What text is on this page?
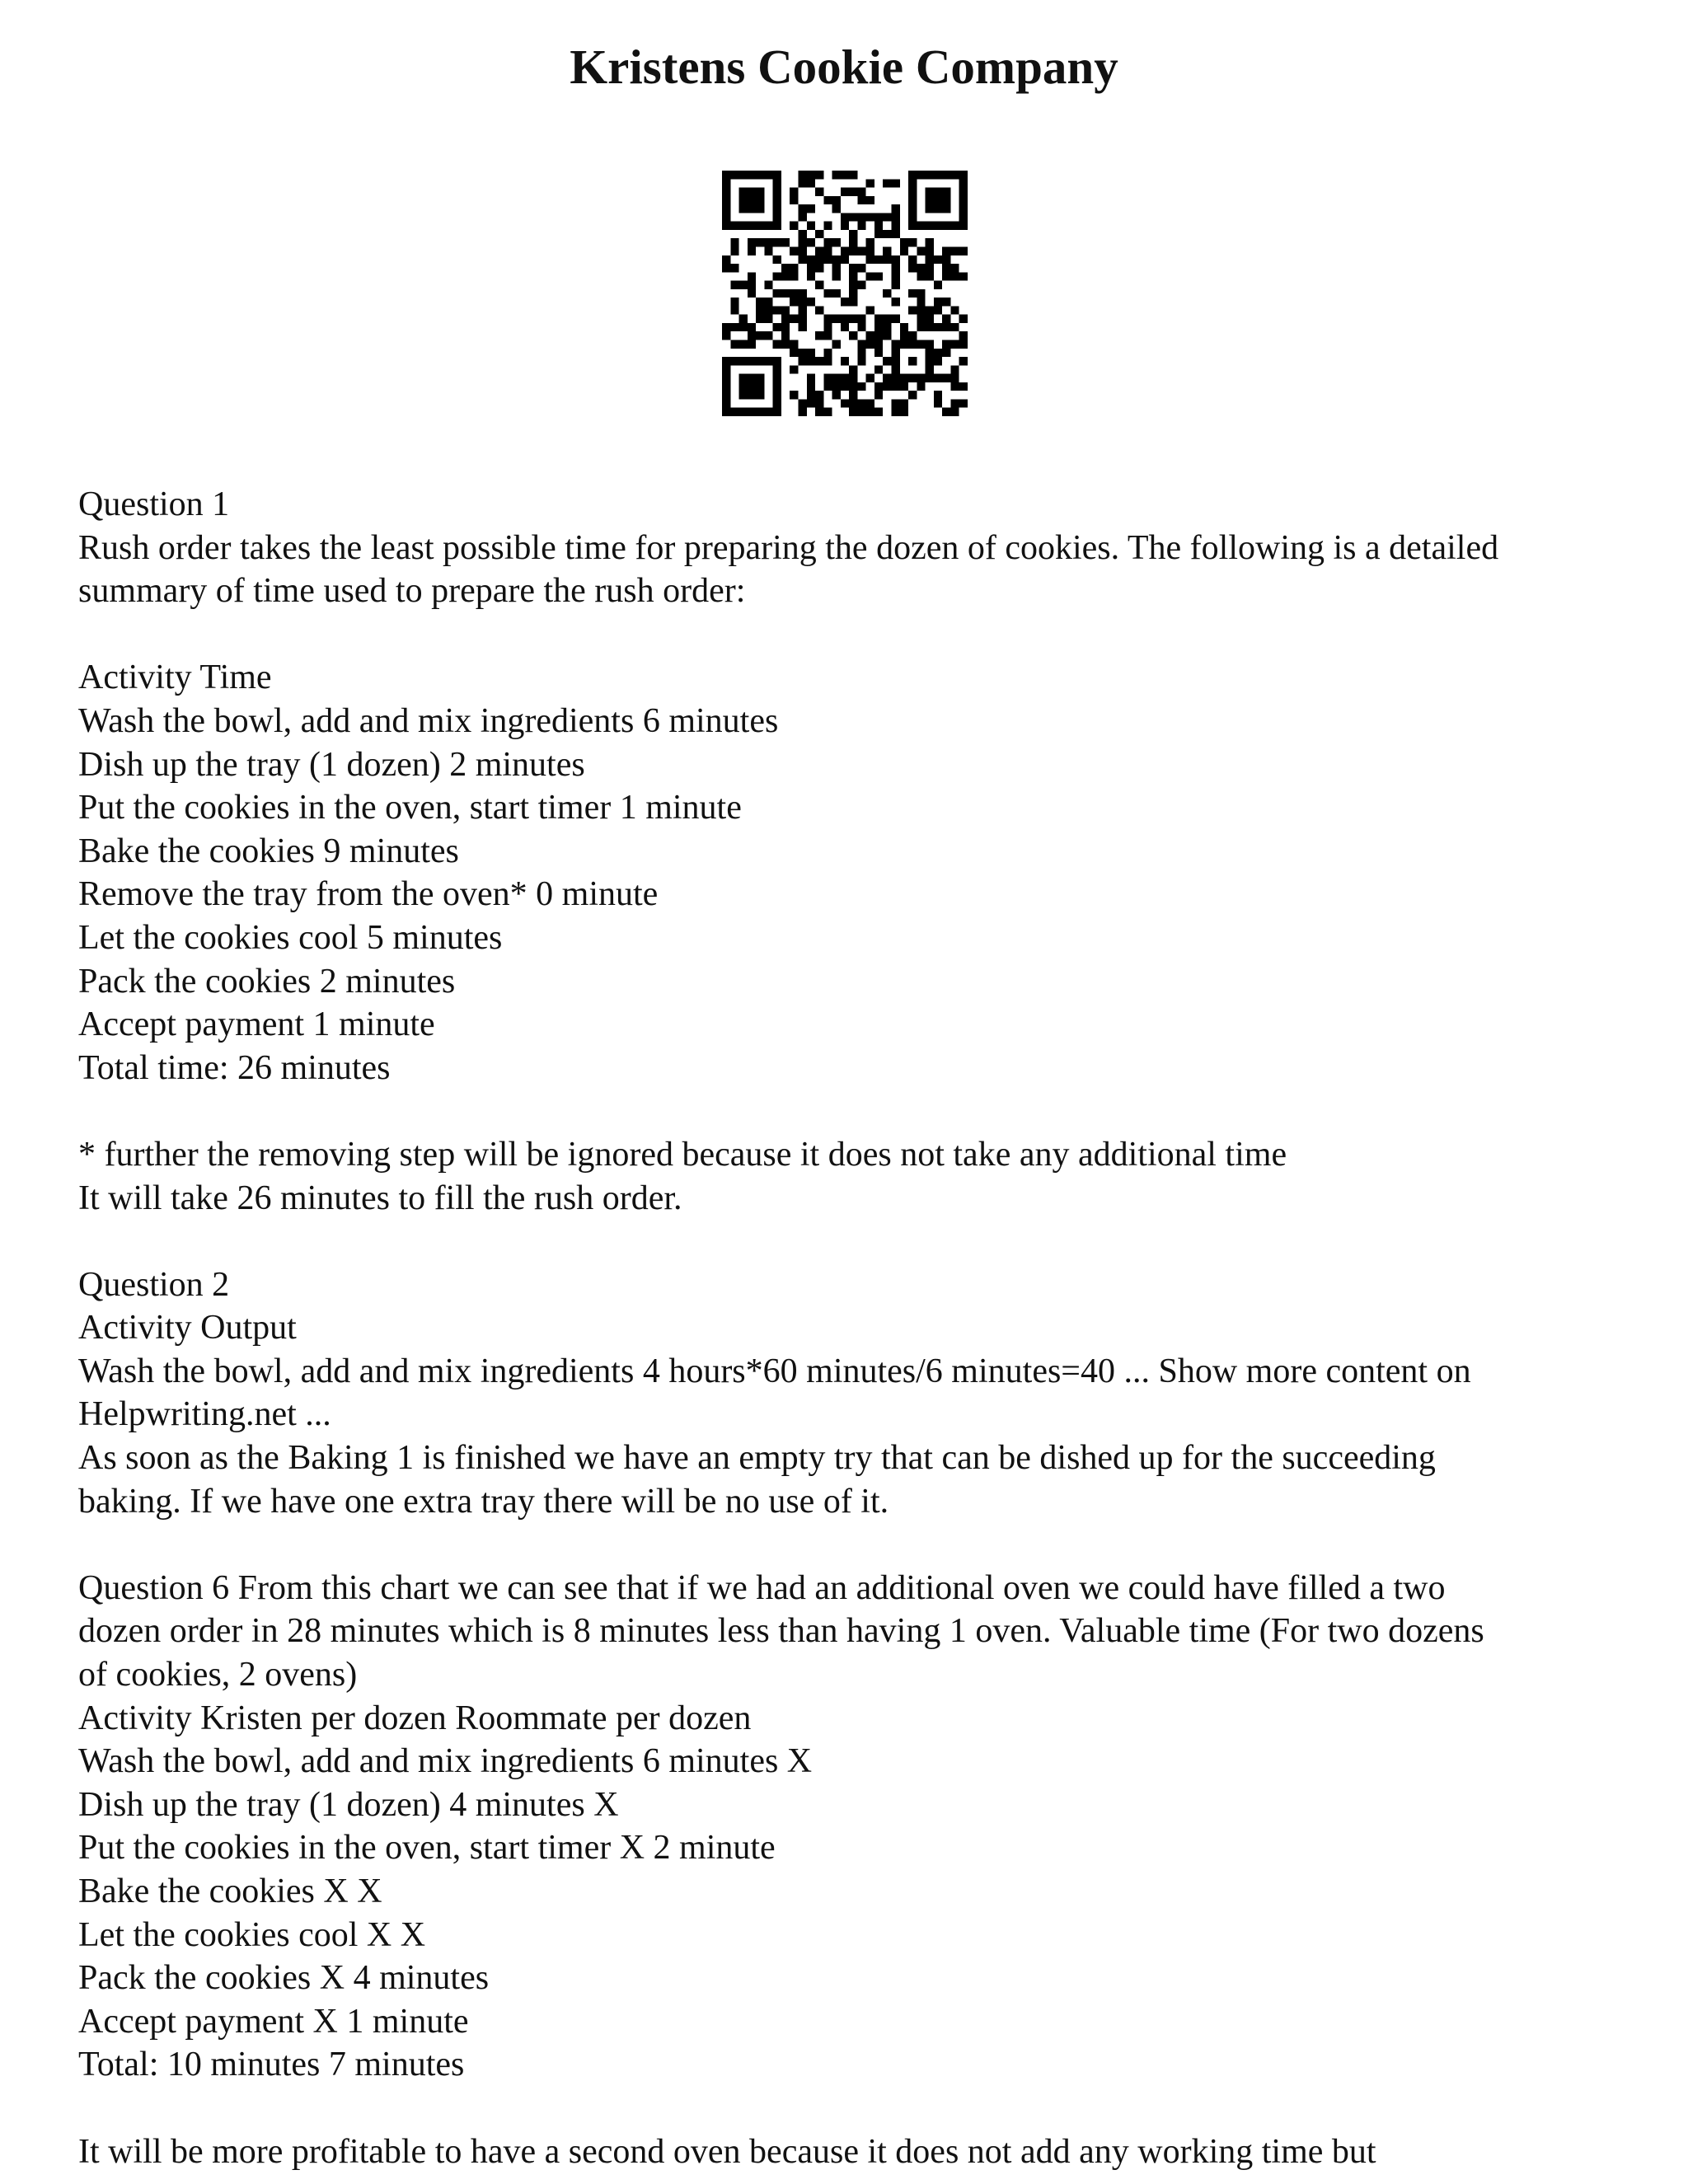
Kristens Cookie Company
Question 1
Rush order takes the least possible time for preparing the dozen of cookies. The following is a detailed
summary of time used to prepare the rush order:
Activity Time
Wash the bowl, add and mix ingredients 6 minutes
Dish up the tray (1 dozen) 2 minutes
Put the cookies in the oven, start timer 1 minute
Bake the cookies 9 minutes
Remove the tray from the oven* 0 minute
Let the cookies cool 5 minutes
Pack the cookies 2 minutes
Accept payment 1 minute
Total time: 26 minutes
* further the removing step will be ignored because it does not take any additional time
It will take 26 minutes to fill the rush order.
Question 2
Activity Output
Wash the bowl, add and mix ingredients 4 hours*60 minutes/6 minutes=40 ... Show more content on
Helpwriting.net ...
As soon as the Baking 1 is finished we have an empty try that can be dished up for the succeeding
baking. If we have one extra tray there will be no use of it.
Question 6 From this chart we can see that if we had an additional oven we could have filled a two
dozen order in 28 minutes which is 8 minutes less than having 1 oven. Valuable time (For two dozens
of cookies, 2 ovens)
Activity Kristen per dozen Roommate per dozen
Wash the bowl, add and mix ingredients 6 minutes X
Dish up the tray (1 dozen) 4 minutes X
Put the cookies in the oven, start timer X 2 minute
Bake the cookies X X
Let the cookies cool X X
Pack the cookies X 4 minutes
Accept payment X 1 minute
Total: 10 minutes 7 minutes
It will be more profitable to have a second oven because it does not add any working time but
